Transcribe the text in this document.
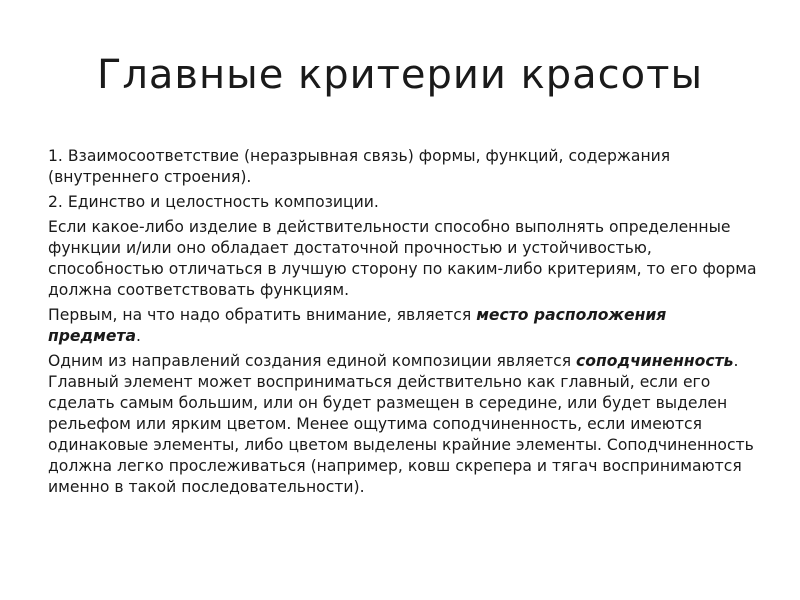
Главные критерии красоты

1. Взаимосоответствие (неразрывная связь) формы, функций, содержания (внутреннего строения).

2. Единство и целостность композиции.

Если какое-либо изделие в действительности способно выполнять определенные функции и/или оно обладает достаточной прочностью и устойчивостью, способностью отличаться в лучшую сторону по каким-либо критериям, то его форма должна соответствовать функциям.

Первым, на что надо обратить внимание, является место расположения предмета.

Одним из направлений создания единой композиции является соподчиненность. Главный элемент может восприниматься действительно как главный, если его сделать самым большим, или он будет размещен в середине, или будет выделен рельефом или ярким цветом. Менее ощутима соподчиненность, если имеются одинаковые элементы, либо цветом выделены крайние элементы. Соподчиненность должна легко прослеживаться (например, ковш скрепера и тягач воспринимаются именно в такой последовательности).
